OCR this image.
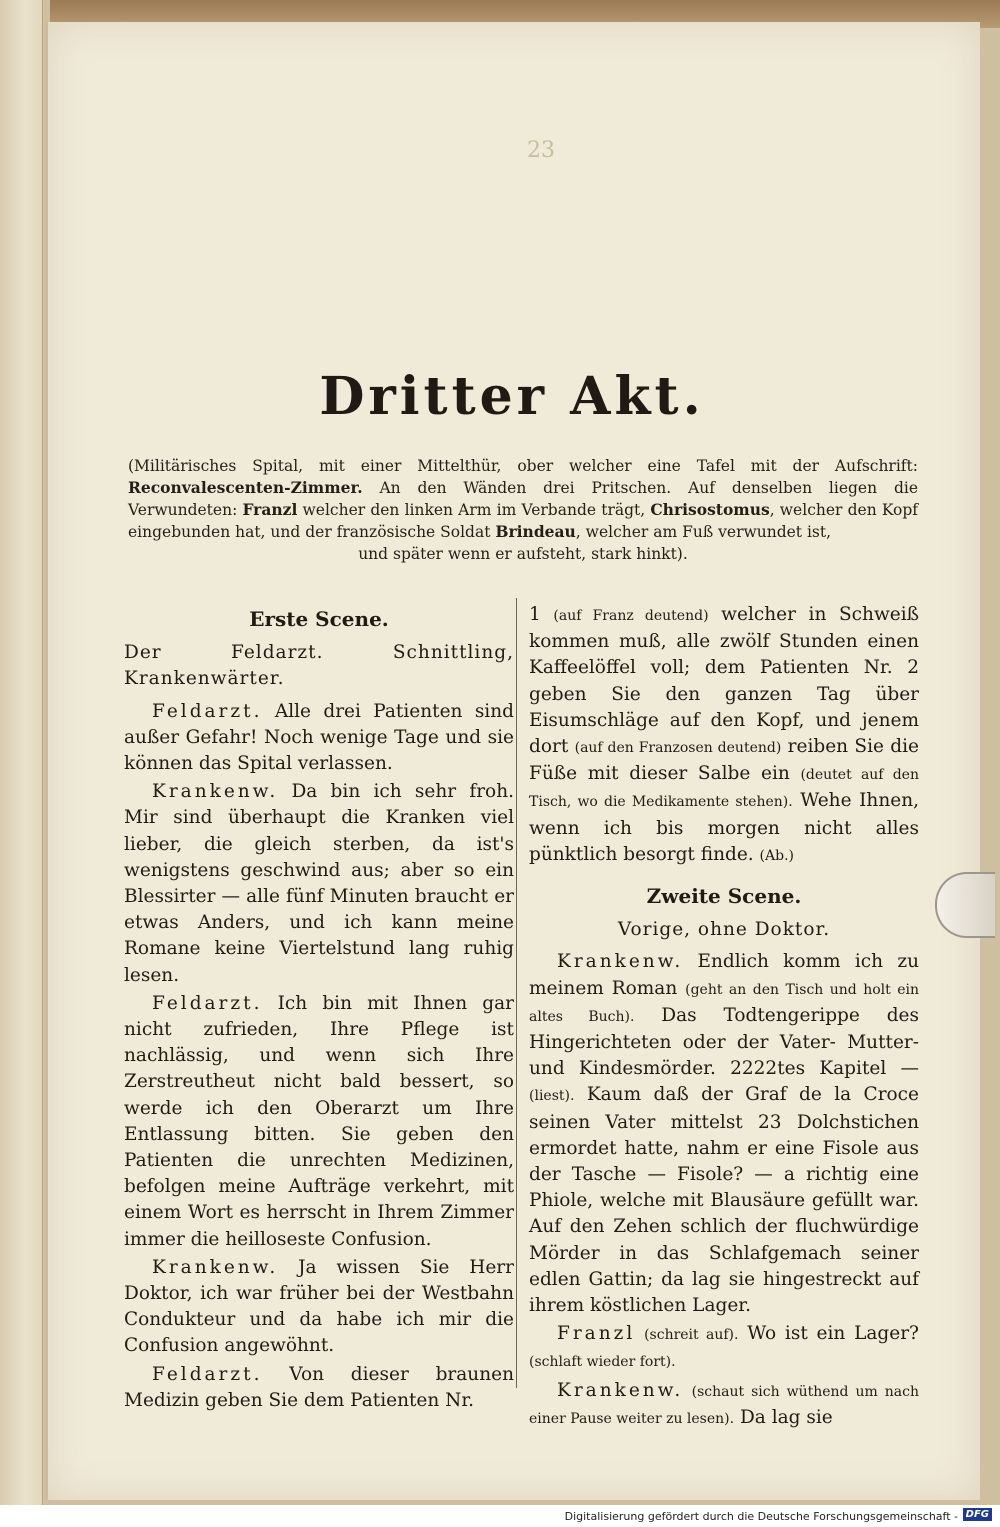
23
Dritter Akt.
(Militärisches Spital, mit einer Mittelthür, ober welcher eine Tafel mit der Aufschrift: Reconvalescenten-Zimmer. An den Wänden drei Pritschen. Auf denselben liegen die Verwundeten: Franzl welcher den linken Arm im Verbande trägt, Chrisostomus, welcher den Kopf eingebunden hat, und der französische Soldat Brindeau, welcher am Fuß verwundet ist,
und später wenn er aufsteht, stark hinkt).
Erste Scene.
Der Feldarzt. Schnittling, Krankenwärter.
Feldarzt. Alle drei Patienten sind außer Gefahr! Noch wenige Tage und sie können das Spital verlassen.
Krankenw. Da bin ich sehr froh. Mir sind überhaupt die Kranken viel lieber, die gleich sterben, da ist's wenigstens geschwind aus; aber so ein Blessirter — alle fünf Minuten braucht er etwas Anders, und ich kann meine Romane keine Viertelstund lang ruhig lesen.
Feldarzt. Ich bin mit Ihnen gar nicht zufrieden, Ihre Pflege ist nachlässig, und wenn sich Ihre Zerstreutheut nicht bald bessert, so werde ich den Oberarzt um Ihre Entlassung bitten. Sie geben den Patienten die unrechten Medizinen, befolgen meine Aufträge verkehrt, mit einem Wort es herrscht in Ihrem Zimmer immer die heilloseste Confusion.
Krankenw. Ja wissen Sie Herr Doktor, ich war früher bei der Westbahn Condukteur und da habe ich mir die Confusion angewöhnt.
Feldarzt. Von dieser braunen Medizin geben Sie dem Patienten Nr.
1 (auf Franz deutend) welcher in Schweiß kommen muß, alle zwölf Stunden einen Kaffeelöffel voll; dem Patienten Nr. 2 geben Sie den ganzen Tag über Eisumschläge auf den Kopf, und jenem dort (auf den Franzosen deutend) reiben Sie die Füße mit dieser Salbe ein (deutet auf den Tisch, wo die Medikamente stehen). Wehe Ihnen, wenn ich bis morgen nicht alles pünktlich besorgt finde. (Ab.)
Zweite Scene.
Vorige, ohne Doktor.
Krankenw. Endlich komm ich zu meinem Roman (geht an den Tisch und holt ein altes Buch). Das Todtengerippe des Hingerichteten oder der Vater- Mutter- und Kindesmörder. 2222tes Kapitel — (liest). Kaum daß der Graf de la Croce seinen Vater mittelst 23 Dolchstichen ermordet hatte, nahm er eine Fisole aus der Tasche — Fisole? — a richtig eine Phiole, welche mit Blausäure gefüllt war. Auf den Zehen schlich der fluchwürdige Mörder in das Schlafgemach seiner edlen Gattin; da lag sie hingestreckt auf ihrem köstlichen Lager.
Franzl (schreit auf). Wo ist ein Lager? (schlaft wieder fort).
Krankenw. (schaut sich wüthend um nach einer Pause weiter zu lesen). Da lag sie
Digitalisierung gefördert durch die Deutsche Forschungsgemeinschaft - DFG
